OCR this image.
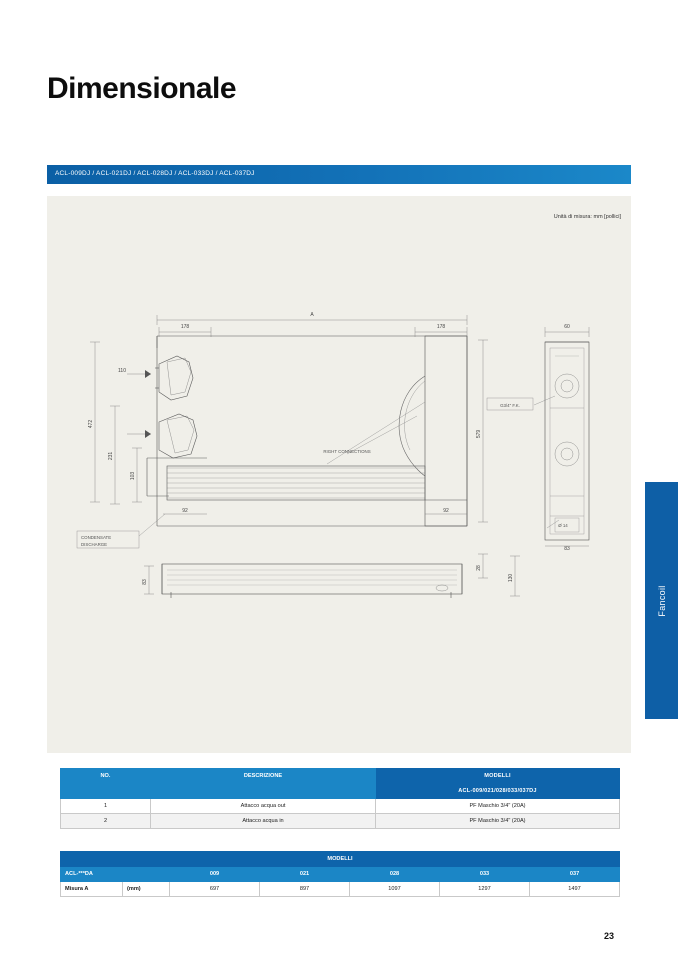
Dimensionale
ACL-009DJ / ACL-021DJ / ACL-028DJ / ACL-033DJ / ACL-037DJ
Unità di misura: mm [pollici]
A
178	178
579
472
231
103
92	92
28
130
83
60
83
110
Ø 14
G3/4" F.K.
RIGHT CONNECTIONS
CONDENSATE
DISCHARGE
Fancoil
NO.	DESCRIZIONE	MODELLI
		ACL-009/021/028/033/037DJ
1	Attacco acqua out	PF Maschio 3/4" (20A)
2	Attacco acqua in	PF Maschio 3/4" (20A)
MODELLI						
ACL-***DA		009	021	028	033	037
Misura A	(mm)	697	897	1097	1297	1497
23
